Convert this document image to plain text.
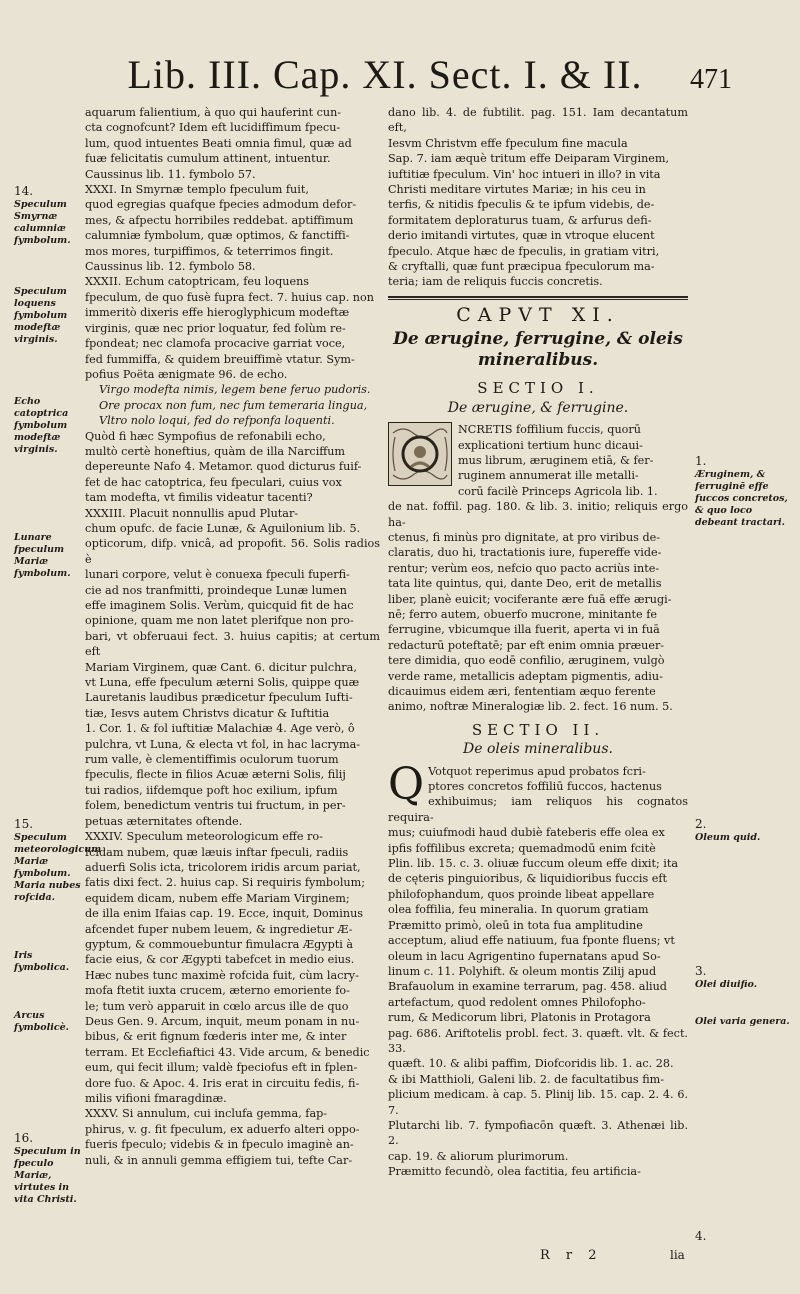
Lib. III. Cap. XI. Sect. I. & II. 471

aquarum falientium, à quo qui hauferint cun-

cta cognofcunt? Idem eft lucidiffimum fpecu-

lum, quod intuentes Beati omnia fimul, quæ ad

fuæ felicitatis cumulum attinent, intuentur.

Caussinus lib. 11. fymbolo 57.

XXXI. In Smyrnæ templo fpeculum fuit,

quod egregias quafque fpecies admodum defor-

mes, & afpectu horribiles reddebat. aptiffimum

calumniæ fymbolum, quæ optimos, & fanctiffi-

mos mores, turpiffimos, & teterrimos fingit.

Caussinus lib. 12. fymbolo 58.

XXXII. Echum catoptricam, feu loquens

fpeculum, de quo fusè fupra fect. 7. huius cap. non

immeritò dixeris effe hieroglyphicum modeftæ

virginis, quæ nec prior loquatur, fed folùm re-

fpondeat; nec clamofa procacive garriat voce,

fed fummiffa, & quidem breuiffimè vtatur. Sym-

pofius Poëta ænigmate 96. de echo.

Virgo modefta nimis, legem bene feruo pudoris.

Ore procax non fum, nec fum temeraria lingua,

Vltro nolo loqui, fed do refponfa loquenti.

Quòd fi hæc Sympofius de refonabili echo,

multò certè honeftius, quàm de illa Narciffum

depereunte Nafo 4. Metamor. quod dicturus fuif-

fet de hac catoptrica, feu fpeculari, cuius vox

tam modefta, vt fimilis videatur tacenti?

XXXIII. Placuit nonnullis apud Plutar-

chum opufc. de facie Lunæ, & Aguilonium lib. 5.

opticorum, difp. vnicâ, ad propofit. 56. Solis radios è

lunari corpore, velut è conuexa fpeculi fuperfi-

cie ad nos tranfmitti, proindeque Lunæ lumen

effe imaginem Solis. Verùm, quicquid fit de hac

opinione, quam me non latet plerifque non pro-

bari, vt obferuaui fect. 3. huius capitis; at certum eft

Mariam Virginem, quæ Cant. 6. dicitur pulchra,

vt Luna, effe fpeculum æterni Solis, quippe quæ

Lauretanis laudibus prædicetur fpeculum Iufti-

tiæ, Iesvs autem Christvs dicatur & Iuftitia

1. Cor. 1. & fol iuftitiæ Malachiæ 4. Age verò, ô

pulchra, vt Luna, & electa vt fol, in hac lacryma-

rum valle, è clementiffimis oculorum tuorum

fpeculis, flecte in filios Acuæ æterni Solis, filij

tui radios, iifdemque poft hoc exilium, ipfum

folem, benedictum ventris tui fructum, in per-

petuas æternitates oftende.

XXXIV. Speculum meteorologicum effe ro-

fcidam nubem, quæ læuis inftar fpeculi, radiis

aduerfi Solis icta, tricolorem iridis arcum pariat,

fatis dixi fect. 2. huius cap. Si requiris fymbolum;

equidem dicam, nubem effe Mariam Virginem;

de illa enim Ifaias cap. 19. Ecce, inquit, Dominus

afcendet fuper nubem leuem, & ingredietur Æ-

gyptum, & commouebuntur fimulacra Ægypti à

facie eius, & cor Ægypti tabefcet in medio eius.

Hæc nubes tunc maximè rofcida fuit, cùm lacry-

mofa ftetit iuxta crucem, æterno emoriente fo-

le; tum verò apparuit in cœlo arcus ille de quo

Deus Gen. 9. Arcum, inquit, meum ponam in nu-

bibus, & erit fignum fœderis inter me, & inter

terram. Et Ecclefiaftici 43. Vide arcum, & benedic

eum, qui fecit illum; valdè fpeciofus eft in fplen-

dore fuo. & Apoc. 4. Iris erat in circuitu fedis, fi-

milis vifioni fmaragdinæ.

XXXV. Si annulum, cui inclufa gemma, fap-

phirus, v. g. fit fpeculum, ex aduerfo alteri oppo-

fueris fpeculo; videbis & in fpeculo imaginè an-

nuli, & in annuli gemma effigiem tui, tefte Car-

14.
Speculum Smyrnæ calumniæ fymbolum.
Speculum loquens fymbolum modeftæ virginis.
Echo catoptrica fymbolum modeftæ virginis.
Lunare fpeculum Mariæ fymbolum.
15.
Speculum meteorologicum Mariæ fymbolum. Maria nubes rofcida.
Iris fymbolica.
Arcus fymbolicè.
16.
Speculum in fpeculo Mariæ, virtutes in vita Christi.

dano lib. 4. de fubtilit. pag. 151. Iam decantatum eft,

Iesvm Christvm effe fpeculum fine macula

Sap. 7. iam æquè tritum effe Deiparam Virginem,

iuftitiæ fpeculum. Vin' hoc intueri in illo? in vita

Christi meditare virtutes Mariæ; in his ceu in

terfis, & nitidis fpeculis & te ipfum videbis, de-

formitatem deploraturus tuam, & arfurus defi-

derio imitandi virtutes, quæ in vtroque elucent

fpeculo. Atque hæc de fpeculis, in gratiam vitri,

& cryftalli, quæ funt præcipua fpeculorum ma-

teria; iam de reliquis fuccis concretis.

CAPVT XI.
De ærugine, ferrugine, & oleis mineralibus.
SECTIO I.
De ærugine, & ferrugine.

NCRETIS foffilium fuccis, quorū

explicationi tertium hunc dicaui-

mus librum, æruginem etiā, & fer-

ruginem annumerat ille metalli-

corū facilè Princeps Agricola lib. 1.

de nat. foffil. pag. 180. & lib. 3. initio; reliquis ergo ha-

ctenus, fi minùs pro dignitate, at pro viribus de-

claratis, duo hi, tractationis iure, fupereffe vide-

rentur; verùm eos, nefcio quo pacto acriùs inte-

tata lite quintus, qui, dante Deo, erit de metallis

liber, planè euicit; vociferante ære fuā effe ærugi-

nē; ferro autem, obuerfo mucrone, minitante fe

ferrugine, vbicumque illa fuerit, aperta vi in fuā

redacturū poteftatē; par eft enim omnia præuer-

tere dimidia, quo eodē confilio, æruginem, vulgò

verde rame, metallicis adeptam pigmentis, adiu-

dicauimus eidem æri, fententiam æquo ferente

animo, noftræ Mineralogiæ lib. 2. fect. 16 num. 5.

SECTIO II.
De oleis mineralibus.
Q Votquot reperimus apud probatos fcri-

ptores concretos foffiliū fuccos, hactenus

exhibuimus; iam reliquos his cognatos requira-

mus; cuiufmodi haud dubiè fateberis effe olea ex

ipfis foffilibus excreta; quemadmodū enim fcitè

Plin. lib. 15. c. 3. oliuæ fuccum oleum effe dixit; ita

de cęteris pinguioribus, & liquidioribus fuccis eft

philofophandum, quos proinde libeat appellare

olea foffilia, feu mineralia. In quorum gratiam

Præmitto primò, oleū in tota fua amplitudine

acceptum, aliud effe natiuum, fua fponte fluens; vt

oleum in lacu Agrigentino fupernatans apud So-

linum c. 11. Polyhift. & oleum montis Zilij apud

Brafauolum in examine terrarum, pag. 458. aliud

artefactum, quod redolent omnes Philofopho-

rum, & Medicorum libri, Platonis in Protagora

pag. 686. Ariftotelis probl. fect. 3. quæft. vlt. & fect. 33.

quæft. 10. & alibi paffim, Diofcoridis lib. 1. ac. 28.

& ibi Matthioli, Galeni lib. 2. de facultatibus fim-

plicium medicam. à cap. 5. Plinij lib. 15. cap. 2. 4. 6. 7.

Plutarchi lib. 7. fympofiacōn quæft. 3. Athenæi lib. 2.

cap. 19. & aliorum plurimorum.

Præmitto fecundò, olea factitia, feu artificia-

1.
Æruginem, & ferruginē effe fuccos concretos, & quo loco debeant tractari.
2.
Oleum quid.
3.
Olei diuifio.
Olei varia genera.
4.
R r 2	lia
